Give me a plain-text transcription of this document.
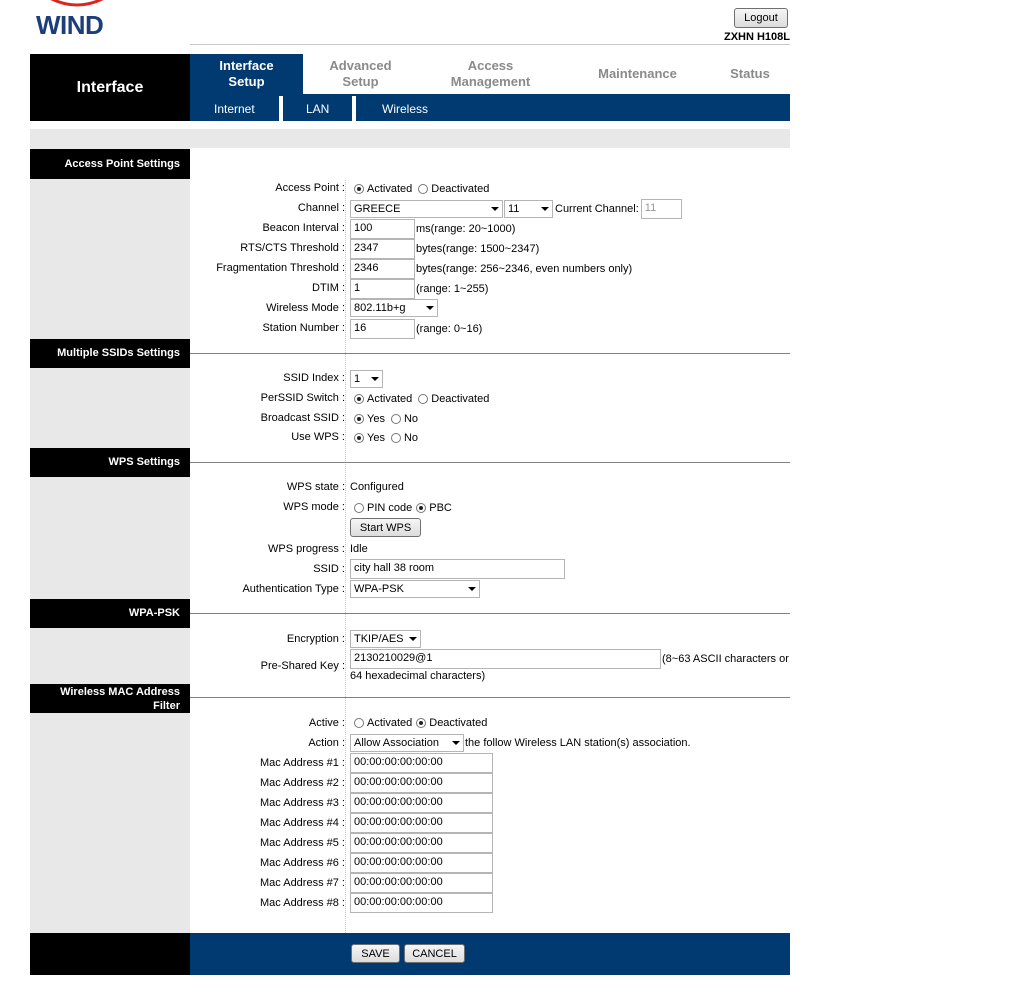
WIND	Logout
ZXHN H108L
Interface
Interface
Setup
Advanced
Setup
Access
Management
Maintenance	Status
Internet	LAN	Wireless
Access Point Settings
Access Point : Activated Deactivated
Channel : GREECE	11	Current Channel: 11
Beacon Interval : 100	ms(range: 20~1000)
RTS/CTS Threshold : 2347	bytes(range: 1500~2347)
Fragmentation Threshold : 2346	bytes(range: 256~2346, even numbers only)
DTIM : 1	(range: 1~255)
Wireless Mode : 802.11b+g
Station Number : 16	(range: 0~16)
Multiple SSIDs Settings
SSID Index : 1
PerSSID Switch : Activated Deactivated
Broadcast SSID : Yes No
Use WPS : Yes No
WPS Settings
WPS state : Configured
WPS mode : PIN code PBC
Start WPS
WPS progress : Idle
SSID : city hall 38 room
Authentication Type : WPA-PSK
WPA-PSK
Encryption : TKIP/AES
Pre-Shared Key :
2130210029@1	(8~63 ASCII characters or
64 hexadecimal characters)
Wireless MAC Address
Filter
Active : Activated Deactivated
Action : Allow Association the follow Wireless LAN station(s) association.
Mac Address #1 : 00:00:00:00:00:00
Mac Address #2 : 00:00:00:00:00:00
Mac Address #3 : 00:00:00:00:00:00
Mac Address #4 : 00:00:00:00:00:00
Mac Address #5 : 00:00:00:00:00:00
Mac Address #6 : 00:00:00:00:00:00
Mac Address #7 : 00:00:00:00:00:00
Mac Address #8 : 00:00:00:00:00:00
SAVE	CANCEL
